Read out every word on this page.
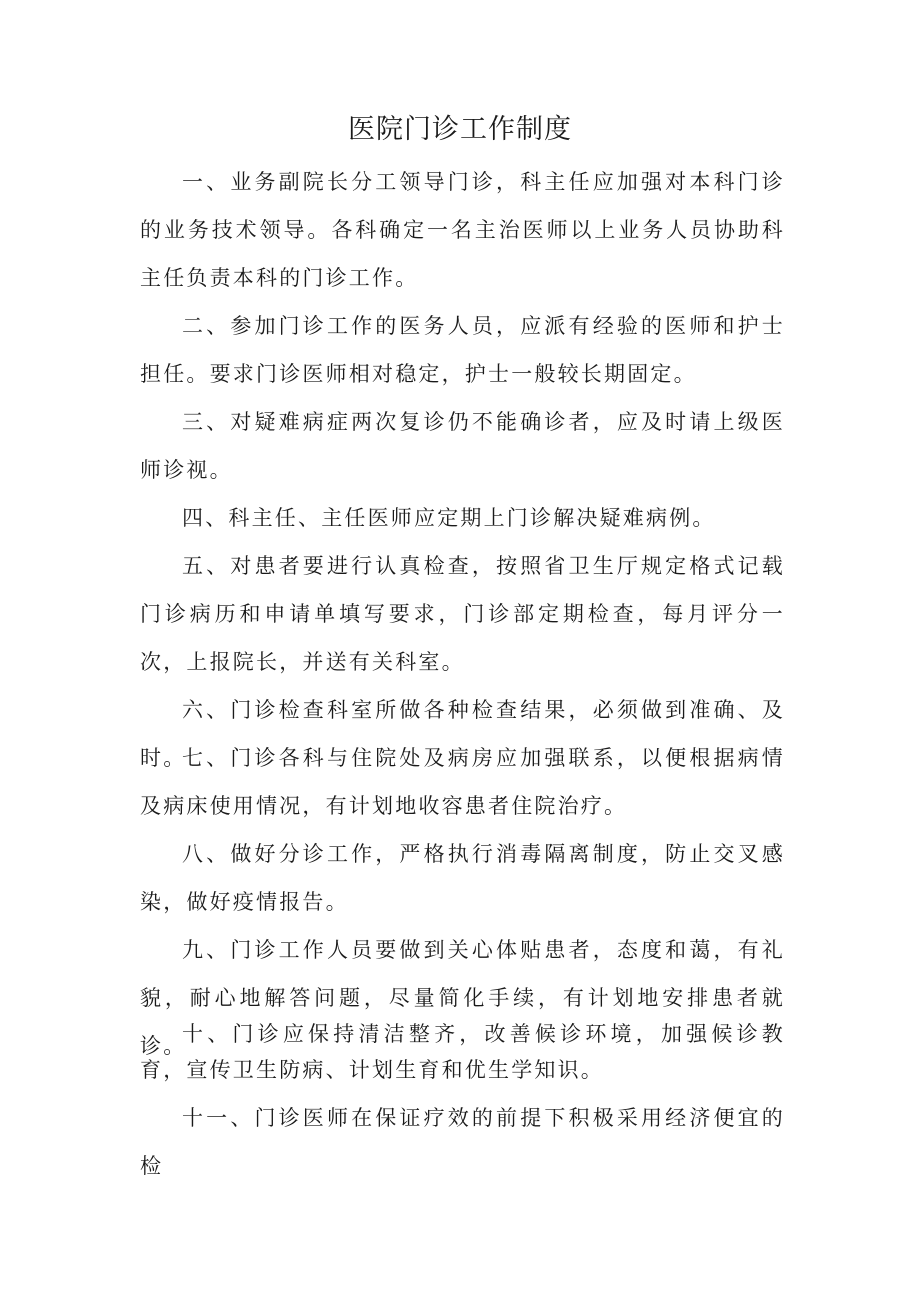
医院门诊工作制度

一、业务副院长分工领导门诊，科主任应加强对本科门诊的业务技术领导。各科确定一名主治医师以上业务人员协助科主任负责本科的门诊工作。

二、参加门诊工作的医务人员，应派有经验的医师和护士担任。要求门诊医师相对稳定，护士一般较长期固定。

三、对疑难病症两次复诊仍不能确诊者，应及时请上级医师诊视。

四、科主任、主任医师应定期上门诊解决疑难病例。

五、对患者要进行认真检查，按照省卫生厅规定格式记载门诊病历和申请单填写要求，门诊部定期检查，每月评分一次，上报院长，并送有关科室。

六、门诊检查科室所做各种检查结果，必须做到准确、及时。

七、门诊各科与住院处及病房应加强联系，以便根据病情及病床使用情况，有计划地收容患者住院治疗。

八、做好分诊工作，严格执行消毒隔离制度，防止交叉感染，做好疫情报告。

九、门诊工作人员要做到关心体贴患者，态度和蔼，有礼貌，耐心地解答问题，尽量简化手续，有计划地安排患者就诊。

十、门诊应保持清洁整齐，改善候诊环境，加强候诊教育，宣传卫生防病、计划生育和优生学知识。

十一、门诊医师在保证疗效的前提下积极采用经济便宜的检
